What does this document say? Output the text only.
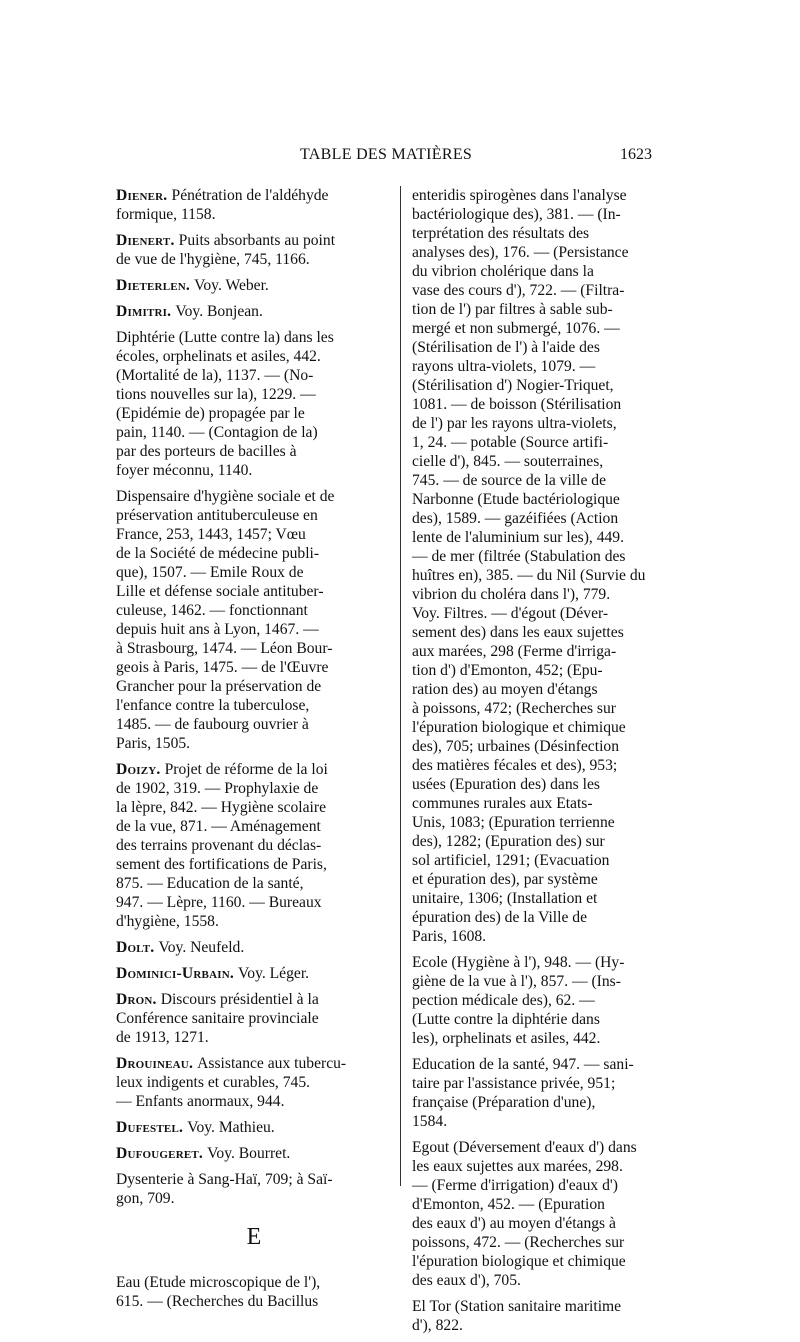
TABLE DES MATIÈRES	1623
Diener. Pénétration de l'aldéhyde
formique, 1158.
Dienert. Puits absorbants au point
de vue de l'hygiène, 745, 1166.
Dieterlen. Voy. Weber.
Dimitri. Voy. Bonjean.
Diphtérie (Lutte contre la) dans les
écoles, orphelinats et asiles, 442.
(Mortalité de la), 1137. — (No-
tions nouvelles sur la), 1229. —
(Epidémie de) propagée par le
pain, 1140. — (Contagion de la)
par des porteurs de bacilles à
foyer méconnu, 1140.
Dispensaire d'hygiène sociale et de
préservation antituberculeuse en
France, 253, 1443, 1457; Vœu
de la Société de médecine publi-
que), 1507. — Emile Roux de
Lille et défense sociale antituber-
culeuse, 1462. — fonctionnant
depuis huit ans à Lyon, 1467. —
à Strasbourg, 1474. — Léon Bour-
geois à Paris, 1475. — de l'Œuvre
Grancher pour la préservation de
l'enfance contre la tuberculose,
1485. — de faubourg ouvrier à
Paris, 1505.
Doizy. Projet de réforme de la loi
de 1902, 319. — Prophylaxie de
la lèpre, 842. — Hygiène scolaire
de la vue, 871. — Aménagement
des terrains provenant du déclas-
sement des fortifications de Paris,
875. — Education de la santé,
947. — Lèpre, 1160. — Bureaux
d'hygiène, 1558.
Dolt. Voy. Neufeld.
Dominici-Urbain. Voy. Léger.
Dron. Discours présidentiel à la
Conférence sanitaire provinciale
de 1913, 1271.
Drouineau. Assistance aux tubercu-
leux indigents et curables, 745.
— Enfants anormaux, 944.
Dufestel. Voy. Mathieu.
Dufougeret. Voy. Bourret.
Dysenterie à Sang-Haï, 709; à Saï-
gon, 709.
E
Eau (Etude microscopique de l'),
615. — (Recherches du Bacillus
enteridis spirogènes dans l'analyse
bactériologique des), 381. — (In-
terprétation des résultats des
analyses des), 176. — (Persistance
du vibrion cholérique dans la
vase des cours d'), 722. — (Filtra-
tion de l') par filtres à sable sub-
mergé et non submergé, 1076. —
(Stérilisation de l') à l'aide des
rayons ultra-violets, 1079. —
(Stérilisation d') Nogier-Triquet,
1081. — de boisson (Stérilisation
de l') par les rayons ultra-violets,
1, 24. — potable (Source artifi-
cielle d'), 845. — souterraines,
745. — de source de la ville de
Narbonne (Etude bactériologique
des), 1589. — gazéifiées (Action
lente de l'aluminium sur les), 449.
— de mer (filtrée (Stabulation des
huîtres en), 385. — du Nil (Survie du
vibrion du choléra dans l'), 779.
Voy. Filtres. — d'égout (Déver-
sement des) dans les eaux sujettes
aux marées, 298 (Ferme d'irriga-
tion d') d'Emonton, 452; (Epu-
ration des) au moyen d'étangs
à poissons, 472; (Recherches sur
l'épuration biologique et chimique
des), 705; urbaines (Désinfection
des matières fécales et des), 953;
usées (Epuration des) dans les
communes rurales aux Etats-
Unis, 1083; (Epuration terrienne
des), 1282; (Epuration des) sur
sol artificiel, 1291; (Evacuation
et épuration des), par système
unitaire, 1306; (Installation et
épuration des) de la Ville de
Paris, 1608.
Ecole (Hygiène à l'), 948. — (Hy-
giène de la vue à l'), 857. — (Ins-
pection médicale des), 62. —
(Lutte contre la diphtérie dans
les), orphelinats et asiles, 442.
Education de la santé, 947. — sani-
taire par l'assistance privée, 951;
française (Préparation d'une),
1584.
Egout (Déversement d'eaux d') dans
les eaux sujettes aux marées, 298.
— (Ferme d'irrigation) d'eaux d')
d'Emonton, 452. — (Epuration
des eaux d') au moyen d'étangs à
poissons, 472. — (Recherches sur
l'épuration biologique et chimique
des eaux d'), 705.
El Tor (Station sanitaire maritime
d'), 822.
